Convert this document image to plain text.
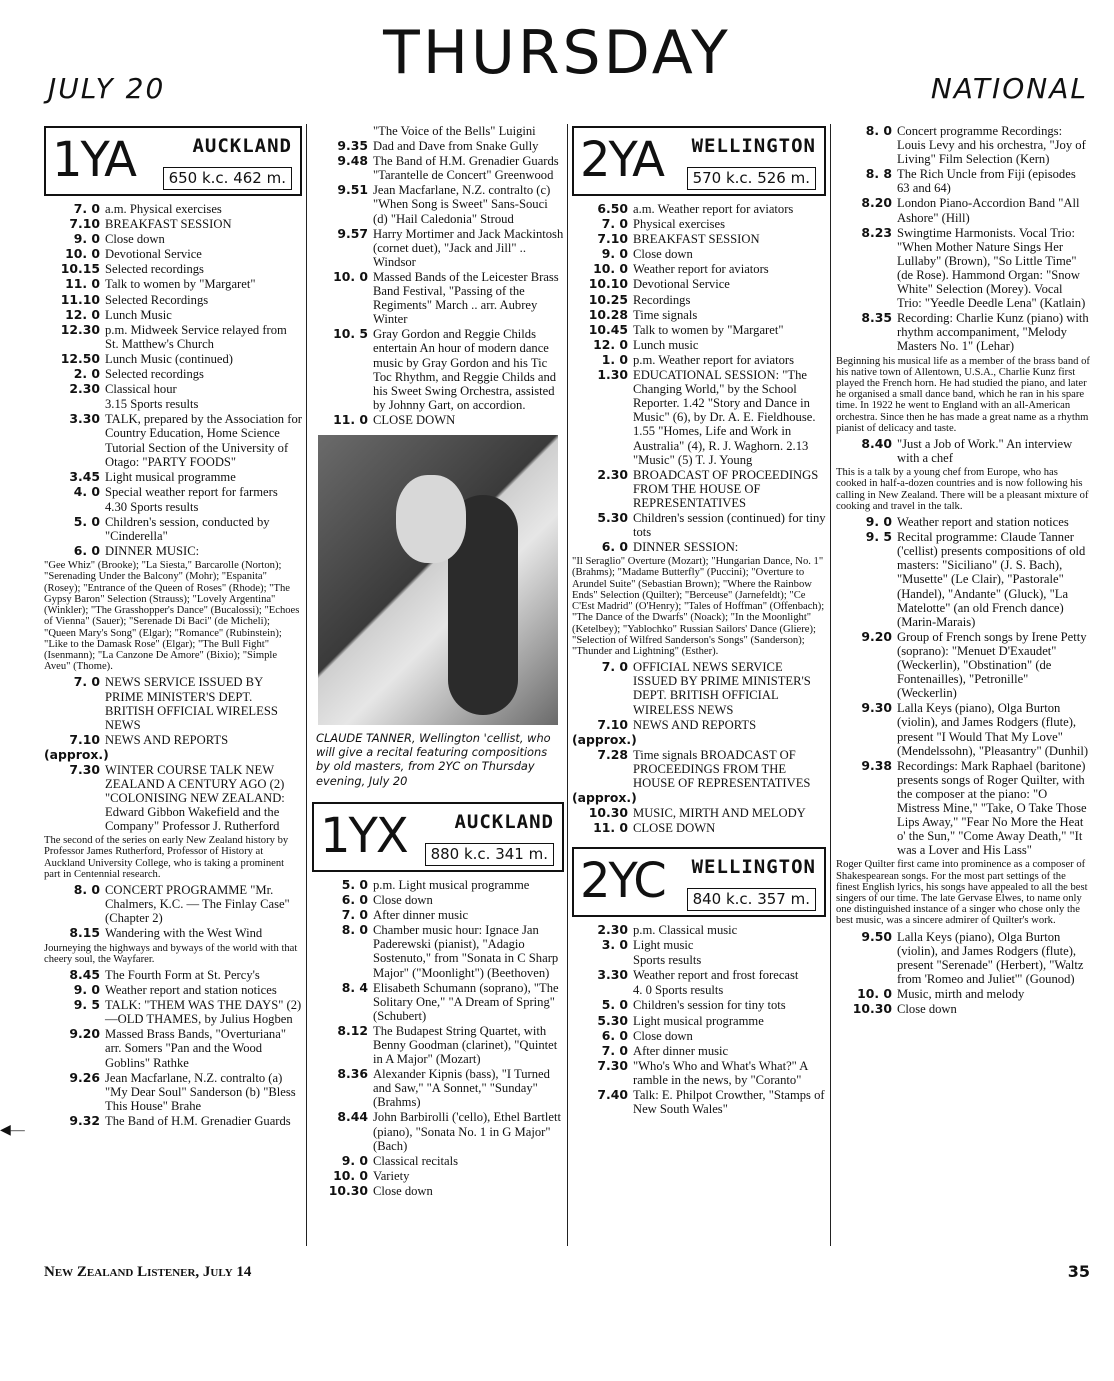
THURSDAY
JULY 20	NATIONAL
1YA	AUCKLAND
650 k.c. 462 m.
7. 0 a.m. Physical exercises
7.10 BREAKFAST SESSION
9. 0 Close down
10. 0 Devotional Service
10.15 Selected recordings
11. 0 Talk to women by "Margaret"
11.10 Selected Recordings
12. 0 Lunch Music
12.30 p.m. Midweek Service relayed from St. Matthew's Church
12.50 Lunch Music (continued)
2. 0 Selected recordings
2.30 Classical hour
3.15 Sports results
3.30 TALK, prepared by the Association for Country Education, Home Science Tutorial Section of the University of Otago: "PARTY FOODS"
3.45 Light musical programme
4. 0 Special weather report for farmers
4.30 Sports results
5. 0 Children's session, conducted by "Cinderella"
6. 0 DINNER MUSIC:
"Gee Whiz" (Brooke); "La Siesta," Barcarolle (Norton); "Serenading Under the Balcony" (Mohr); "Espanita" (Rosey); "Entrance of the Queen of Roses" (Rhode); "The Gypsy Baron" Selection (Strauss); "Lovely Argentina" (Winkler); "The Grasshopper's Dance" (Bucalossi); "Echoes of Vienna" (Sauer); "Serenade Di Baci" (de Micheli); "Queen Mary's Song" (Elgar); "Romance" (Rubinstein); "Like to the Damask Rose" (Elgar); "The Bull Fight" (Isenmann); "La Canzone De Amore" (Bixio); "Simple Aveu" (Thome).
7. 0 NEWS SERVICE ISSUED BY PRIME MINISTER'S DEPT. BRITISH OFFICIAL WIRELESS NEWS
7.10 NEWS AND REPORTS
(approx.)
7.30 WINTER COURSE TALK NEW ZEALAND A CENTURY AGO (2) "COLONISING NEW ZEALAND: Edward Gibbon Wakefield and the Company" Professor J. Rutherford
The second of the series on early New Zealand history by Professor James Rutherford, Professor of History at Auckland University College, who is taking a prominent part in Centennial research.
8. 0 CONCERT PROGRAMME "Mr. Chalmers, K.C. — The Finlay Case" (Chapter 2)
8.15 Wandering with the West Wind
Journeying the highways and byways of the world with that cheery soul, the Wayfarer.
8.45 The Fourth Form at St. Percy's
9. 0 Weather report and station notices
9. 5 TALK: "THEM WAS THE DAYS" (2)—OLD THAMES, by Julius Hogben
9.20 Massed Brass Bands, "Overturiana" arr. Somers "Pan and the Wood Goblins" Rathke
9.26 Jean Macfarlane, N.Z. contralto (a) "My Dear Soul" Sanderson (b) "Bless This House" Brahe
9.32 The Band of H.M. Grenadier Guards
"The Voice of the Bells" Luigini
9.35 Dad and Dave from Snake Gully
9.48 The Band of H.M. Grenadier Guards "Tarantelle de Concert" Greenwood
9.51 Jean Macfarlane, N.Z. contralto (c) "When Song is Sweet" Sans-Souci (d) "Hail Caledonia" Stroud
9.57 Harry Mortimer and Jack Mackintosh (cornet duet), "Jack and Jill" .. Windsor
10. 0 Massed Bands of the Leicester Brass Band Festival, "Passing of the Regiments" March .. arr. Aubrey Winter
10. 5 Gray Gordon and Reggie Childs entertain An hour of modern dance music by Gray Gordon and his Tic Toc Rhythm, and Reggie Childs and his Sweet Swing Orchestra, assisted by Johnny Gart, on accordion.
11. 0 CLOSE DOWN
CLAUDE TANNER, Wellington 'cellist, who will give a recital featuring compositions by old masters, from 2YC on Thursday evening, July 20
1YX	AUCKLAND
880 k.c. 341 m.
5. 0 p.m. Light musical programme
6. 0 Close down
7. 0 After dinner music
8. 0 Chamber music hour: Ignace Jan Paderewski (pianist), "Adagio Sostenuto," from "Sonata in C Sharp Major" ("Moonlight") (Beethoven)
8. 4 Elisabeth Schumann (soprano), "The Solitary One," "A Dream of Spring" (Schubert)
8.12 The Budapest String Quartet, with Benny Goodman (clarinet), "Quintet in A Major" (Mozart)
8.36 Alexander Kipnis (bass), "I Turned and Saw," "A Sonnet," "Sunday" (Brahms)
8.44 John Barbirolli ('cello), Ethel Bartlett (piano), "Sonata No. 1 in G Major" (Bach)
9. 0 Classical recitals
10. 0 Variety
10.30 Close down
2YA WELLINGTON
570 k.c. 526 m.
6.50 a.m. Weather report for aviators
7. 0 Physical exercises
7.10 BREAKFAST SESSION
9. 0 Close down
10. 0 Weather report for aviators
10.10 Devotional Service
10.25 Recordings
10.28 Time signals
10.45 Talk to women by "Margaret"
12. 0 Lunch music
1. 0 p.m. Weather report for aviators
1.30 EDUCATIONAL SESSION: "The Changing World," by the School Reporter. 1.42 "Story and Dance in Music" (6), by Dr. A. E. Fieldhouse. 1.55 "Homes, Life and Work in Australia" (4), R. J. Waghorn. 2.13 "Music" (5) T. J. Young
2.30 BROADCAST OF PROCEEDINGS FROM THE HOUSE OF REPRESENTATIVES
5.30 Children's session (continued) for tiny tots
6. 0 DINNER SESSION:
"Il Seraglio" Overture (Mozart); "Hungarian Dance, No. 1" (Brahms); "Madame Butterfly" (Puccini); "Overture to Arundel Suite" (Sebastian Brown); "Where the Rainbow Ends" Selection (Quilter); "Berceuse" (Jarnefeldt); "Ce C'Est Madrid" (O'Henry); "Tales of Hoffman" (Offenbach); "The Dance of the Dwarfs" (Noack); "In the Moonlight" (Ketelbey); "Yablochko" Russian Sailors' Dance (Gliere); "Selection of Wilfred Sanderson's Songs" (Sanderson); "Thunder and Lightning" (Esther).
7. 0 OFFICIAL NEWS SERVICE ISSUED BY PRIME MINISTER'S DEPT. BRITISH OFFICIAL WIRELESS NEWS
7.10 NEWS AND REPORTS
(approx.)
7.28 Time signals BROADCAST OF PROCEEDINGS FROM THE HOUSE OF REPRESENTATIVES
(approx.)
10.30 MUSIC, MIRTH AND MELODY
11. 0 CLOSE DOWN
2YC WELLINGTON
840 k.c. 357 m.
2.30 p.m. Classical music
3. 0 Light music
Sports results
3.30 Weather report and frost forecast
4. 0 Sports results
5. 0 Children's session for tiny tots
5.30 Light musical programme
6. 0 Close down
7. 0 After dinner music
7.30 "Who's Who and What's What?" A ramble in the news, by "Coranto"
7.40 Talk: E. Philpot Crowther, "Stamps of New South Wales"
8. 0 Concert programme Recordings: Louis Levy and his orchestra, "Joy of Living" Film Selection (Kern)
8. 8 The Rich Uncle from Fiji (episodes 63 and 64)
8.20 London Piano-Accordion Band "All Ashore" (Hill)
8.23 Swingtime Harmonists. Vocal Trio: "When Mother Nature Sings Her Lullaby" (Brown), "So Little Time" (de Rose). Hammond Organ: "Snow White" Selection (Morey). Vocal Trio: "Yeedle Deedle Lena" (Katlain)
8.35 Recording: Charlie Kunz (piano) with rhythm accompaniment, "Melody Masters No. 1" (Lehar)
Beginning his musical life as a member of the brass band of his native town of Allentown, U.S.A., Charlie Kunz first played the French horn. He had studied the piano, and later he organised a small dance band, which he ran in his spare time. In 1922 he went to England with an all-American orchestra. Since then he has made a great name as a rhythm pianist of delicacy and taste.
8.40 "Just a Job of Work." An interview with a chef
This is a talk by a young chef from Europe, who has cooked in half-a-dozen countries and is now following his calling in New Zealand. There will be a pleasant mixture of cooking and travel in the talk.
9. 0 Weather report and station notices
9. 5 Recital programme: Claude Tanner ('cellist) presents compositions of old masters: "Siciliano" (J. S. Bach), "Musette" (Le Clair), "Pastorale" (Handel), "Andante" (Gluck), "La Matelotte" (an old French dance) (Marin-Marais)
9.20 Group of French songs by Irene Petty (soprano): "Menuet D'Exaudet" (Weckerlin), "Obstination" (de Fontenailles), "Petronille" (Weckerlin)
9.30 Lalla Keys (piano), Olga Burton (violin), and James Rodgers (flute), present "I Would That My Love" (Mendelssohn), "Pleasantry" (Dunhil)
9.38 Recordings: Mark Raphael (baritone) presents songs of Roger Quilter, with the composer at the piano: "O Mistress Mine," "Take, O Take Those Lips Away," "Fear No More the Heat o' the Sun," "Come Away Death," "It was a Lover and His Lass"
Roger Quilter first came into prominence as a composer of Shakespearean songs. For the most part settings of the finest English lyrics, his songs have appealed to all the best singers of our time. The late Gervase Elwes, to name only one distinguished instance of a singer who chose only the best music, was a sincere admirer of Quilter's work.
9.50 Lalla Keys (piano), Olga Burton (violin), and James Rodgers (flute), present "Serenade" (Herbert), "Waltz from 'Romeo and Juliet'" (Gounod)
10. 0 Music, mirth and melody
10.30 Close down
◀—
New Zealand Listener, July 14	35
